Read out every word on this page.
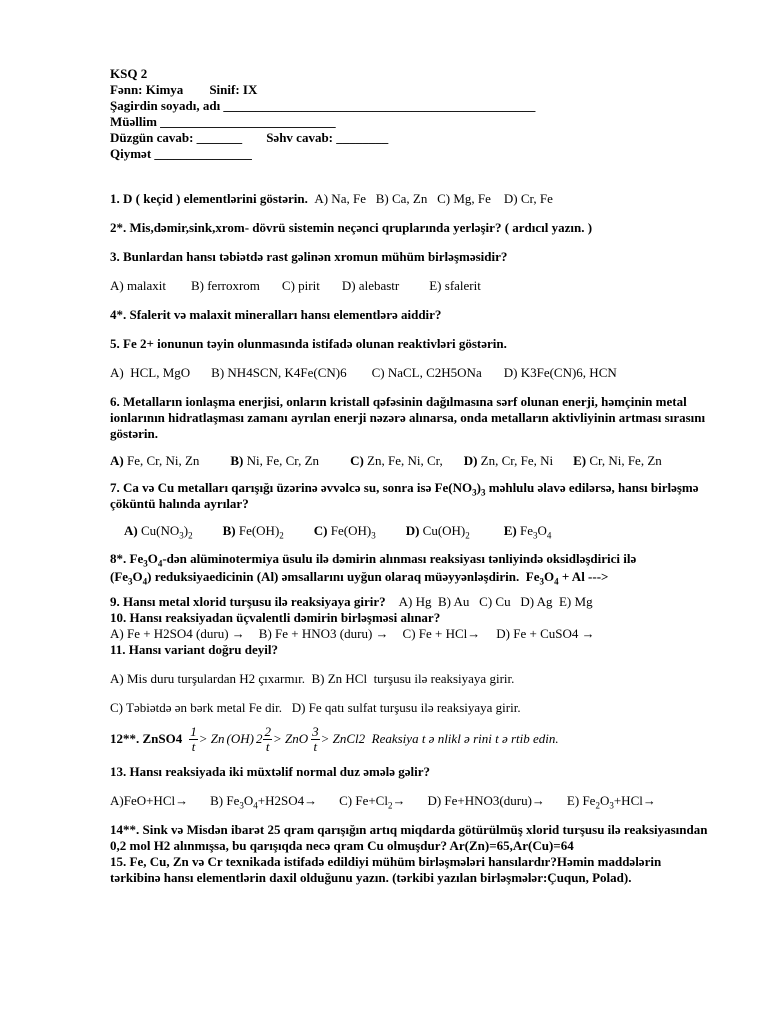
KSQ 2
Fənn: Kimya Sinif: IX
Şagirdin soyadı, adı ________________________________________________
Müəllim ___________________________
Düzgün cavab: _______ Səhv cavab: ________
Qiymət _______________
1. D ( keçid ) elementlərini göstərin. A) Na, Fe   B) Ca, Zn   C) Mg, Fe    D) Cr, Fe
2*. Mis,dəmir,sink,xrom- dövrü sistemin neçənci qruplarında yerləşir? ( ardıcıl yazın. )
3. Bunlardan hansı təbiətdə rast gəlinən xromun mühüm birləşməsidir?
A) malaxit B) ferroxrom C) pirit D) alebastr E) sfalerit
4*. Sfalerit və malaxit mineralları hansı elementlərə aiddir?
5. Fe 2+ ionunun təyin olunmasında istifadə olunan reaktivləri göstərin.
A)  HCL, MgO B) NH4SCN, K4Fe(CN)6 C) NaCL, C2H5ONa D) K3Fe(CN)6, HCN
6. Metalların ionlaşma enerjisi, onların kristall qəfəsinin dağılmasına sərf olunan enerji, həmçinin metal ionlarının hidratlaşması zamanı ayrılan enerji nəzərə alınarsa, onda metalların aktivliyinin artması sırasını göstərin.
A) Fe, Cr, Ni, Zn B) Ni, Fe, Cr, Zn C) Zn, Fe, Ni, Cr, D) Zn, Cr, Fe, Ni E) Cr, Ni, Fe, Zn
7. Ca və Cu metalları qarışığı üzərinə əvvəlcə su, sonra isə $Fe(NO_3)_3$ məhlulu əlavə edilərsə, hansı birləşmə çöküntü halında ayrılar?
A) $Cu(NO_3)_2$ B) $Fe(OH)_2$ C) $Fe(OH)_3$ D) $Cu(OH)_2$	E) $Fe_3O_4$
8*. $Fe_3O_4$-dən alüminotermiya üsulu ilə dəmirin alınması reaksiyası tənliyində oksidləşdirici ilə
$(Fe_3O_4)$ reduksiyaedicinin (Al) əmsallarını uyğun olaraq müəyyənləşdirin.  $Fe_3O_4 + Al$ --->
9. Hansı metal xlorid turşusu ilə reaksiyaya girir? A) Hg  B) Au   C) Cu   D) Ag  E) Mg
10. Hansı reaksiyadan üçvalentli dəmirin birləşməsi alınar?
A) Fe + H2SO4 (duru) → B) Fe + HNO3 (duru) → C) Fe + HCl→ D) Fe + CuSO4 →
11. Hansı variant doğru deyil?
A) Mis duru turşulardan H2 çıxarmır.  B) Zn HCl  turşusu ilə reaksiyaya girir.
C) Təbiətdə ən bərk metal Fe dir.   D) Fe qatı sulfat turşusu ilə reaksiyaya girir.
12**. ZnSO4 $\frac{1}{t} > Zn$ (OH) $2 \frac{2}{t}$ > ZnO $\frac{3}{t}$ > ZnCl2 Reaksiya t ə nlikl ə rini t ə rtib edin.
13. Hansı reaksiyada iki müxtəlif normal duz əmələ gəlir?
A)FeO+HCl→ B) $Fe_3O_4+H2SO4\to C$) $Fe+Cl_2\to D$) Fe+HNO3(duru)→ E) $Fe_2O_3+HCl\to$
14**. Sink və Misdən ibarət 25 qram qarışığın artıq miqdarda götürülmüş xlorid turşusu ilə reaksiyasından 0,2 mol H2 alınmışsa, bu qarışıqda necə qram Cu olmuşdur? Ar(Zn)=65,Ar(Cu)=64
15. Fe, Cu, Zn və Cr texnikada istifadə edildiyi mühüm birləşmələri hansılardır?Həmin maddələrin tərkibinə hansı elementlərin daxil olduğunu yazın. (tərkibi yazılan birləşmələr:Çuqun, Polad).
